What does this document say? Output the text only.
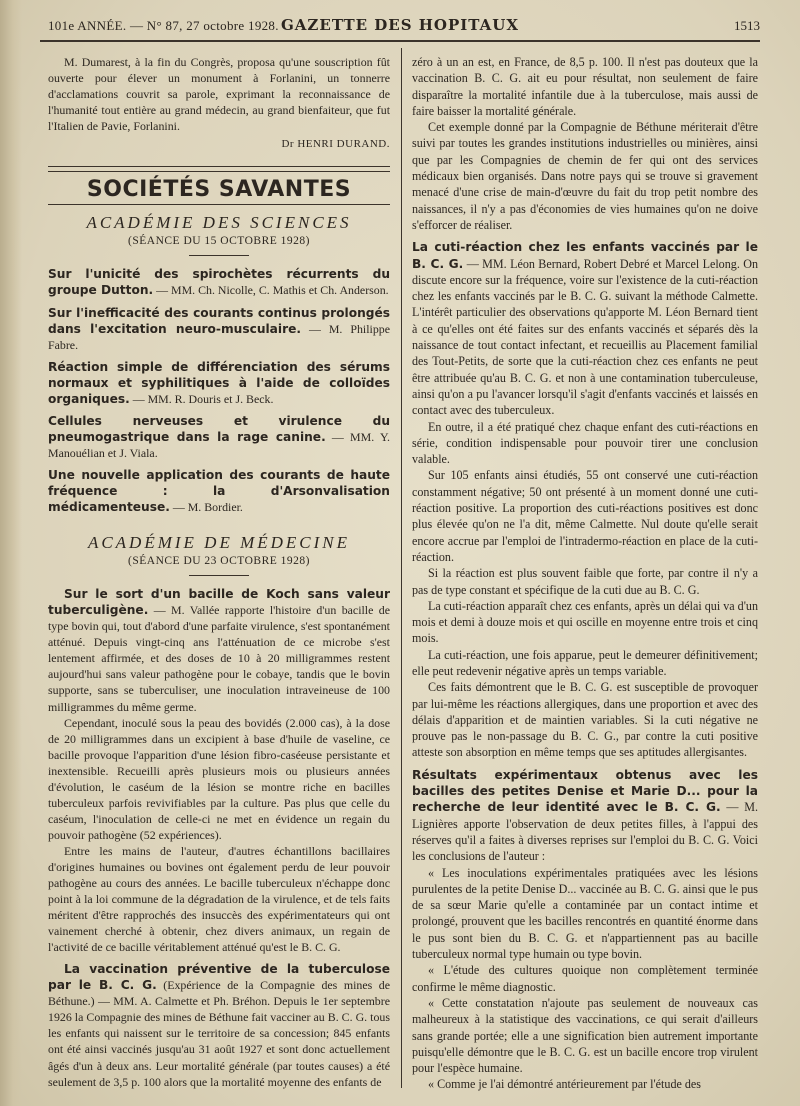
101e ANNÉE. — N° 87, 27 octobre 1928. GAZETTE DES HOPITAUX	1513

M. Dumarest, à la fin du Congrès, proposa qu'une souscription fût ouverte pour élever un monument à Forlanini, un tonnerre d'acclamations couvrit sa parole, exprimant la reconnaissance de l'humanité tout entière au grand médecin, au grand bienfaiteur, que fut l'Italien de Pavie, Forlanini.

Dr HENRI DURAND.

SOCIÉTÉS SAVANTES
ACADÉMIE DES SCIENCES
(SÉANCE DU 15 OCTOBRE 1928)

Sur l'unicité des spirochètes récurrents du groupe Dutton. — MM. Ch. Nicolle, C. Mathis et Ch. Anderson.

Sur l'inefficacité des courants continus prolongés dans l'excitation neuro-musculaire. — M. Philippe Fabre.

Réaction simple de différenciation des sérums normaux et syphilitiques à l'aide de colloïdes organiques. — MM. R. Douris et J. Beck.

Cellules nerveuses et virulence du pneumogastrique dans la rage canine. — MM. Y. Manouélian et J. Viala.

Une nouvelle application des courants de haute fréquence : la d'Arsonvalisation médicamenteuse. — M. Bordier.

ACADÉMIE DE MÉDECINE
(SÉANCE DU 23 OCTOBRE 1928)

Sur le sort d'un bacille de Koch sans valeur tuberculigène. — M. Vallée rapporte l'histoire d'un bacille de type bovin qui, tout d'abord d'une parfaite virulence, s'est spontanément atténué. Depuis vingt-cinq ans l'atténuation de ce microbe s'est lentement affirmée, et des doses de 10 à 20 milligrammes restent aujourd'hui sans valeur pathogène pour le cobaye, tandis que le bovin supporte, sans se tuberculiser, une inoculation intraveineuse de 100 milligrammes du même germe.

Cependant, inoculé sous la peau des bovidés (2.000 cas), à la dose de 20 milligrammes dans un excipient à base d'huile de vaseline, ce bacille provoque l'apparition d'une lésion fibro-caséeuse persistante et inextensible. Recueilli après plusieurs mois ou plusieurs années d'évolution, le caséum de la lésion se montre riche en bacilles tuberculeux parfois revivifiables par la culture. Pas plus que celle du caséum, l'inoculation de celle-ci ne met en évidence un regain du pouvoir pathogène (52 expériences).

Entre les mains de l'auteur, d'autres échantillons bacillaires d'origines humaines ou bovines ont également perdu de leur pouvoir pathogène au cours des années. Le bacille tuberculeux n'échappe donc point à la loi commune de la dégradation de la virulence, et de tels faits méritent d'être rapprochés des insuccès des expérimentateurs qui ont vainement cherché à obtenir, chez divers animaux, un regain de l'activité de ce bacille véritablement atténué qu'est le B. C. G.

La vaccination préventive de la tuberculose par le B. C. G. (Expérience de la Compagnie des mines de Béthune.) — MM. A. Calmette et Ph. Bréhon. Depuis le 1er septembre 1926 la Compagnie des mines de Béthune fait vacciner au B. C. G. tous les enfants qui naissent sur le territoire de sa concession; 845 enfants ont été ainsi vaccinés jusqu'au 31 août 1927 et sont donc actuellement âgés d'un à deux ans. Leur mortalité générale (par toutes causes) a été seulement de 3,5 p. 100 alors que la mortalité moyenne des enfants de

zéro à un an est, en France, de 8,5 p. 100. Il n'est pas douteux que la vaccination B. C. G. ait eu pour résultat, non seulement de faire disparaître la mortalité infantile due à la tuberculose, mais aussi de faire baisser la mortalité générale.

Cet exemple donné par la Compagnie de Béthune mériterait d'être suivi par toutes les grandes institutions industrielles ou minières, ainsi que par les Compagnies de chemin de fer qui ont des services médicaux bien organisés. Dans notre pays qui se trouve si gravement menacé d'une crise de main-d'œuvre du fait du trop petit nombre des naissances, il n'y a pas d'économies de vies humaines qu'on ne doive s'efforcer de réaliser.

La cuti-réaction chez les enfants vaccinés par le B. C. G. — MM. Léon Bernard, Robert Debré et Marcel Lelong. On discute encore sur la fréquence, voire sur l'existence de la cuti-réaction chez les enfants vaccinés par le B. C. G. suivant la méthode Calmette. L'intérêt particulier des observations qu'apporte M. Léon Bernard tient à ce qu'elles ont été faites sur des enfants vaccinés et séparés dès la naissance de tout contact infectant, et recueillis au Placement familial des Tout-Petits, de sorte que la cuti-réaction chez ces enfants ne peut être attribuée qu'au B. C. G. et non à une contamination tuberculeuse, ainsi qu'on a pu l'avancer lorsqu'il s'agit d'enfants vaccinés et laissés en contact avec des tuberculeux.

En outre, il a été pratiqué chez chaque enfant des cuti-réactions en série, condition indispensable pour pouvoir tirer une conclusion valable.

Sur 105 enfants ainsi étudiés, 55 ont conservé une cuti-réaction constamment négative; 50 ont présenté à un moment donné une cuti-réaction positive. La proportion des cuti-réactions positives est donc plus élevée qu'on ne l'a dit, même Calmette. Nul doute qu'elle serait encore accrue par l'emploi de l'intradermo-réaction en place de la cuti-réaction.

Si la réaction est plus souvent faible que forte, par contre il n'y a pas de type constant et spécifique de la cuti due au B. C. G.

La cuti-réaction apparaît chez ces enfants, après un délai qui va d'un mois et demi à douze mois et qui oscille en moyenne entre trois et cinq mois.

La cuti-réaction, une fois apparue, peut le demeurer définitivement; elle peut redevenir négative après un temps variable.

Ces faits démontrent que le B. C. G. est susceptible de provoquer par lui-même les réactions allergiques, dans une proportion et avec des délais d'apparition et de maintien variables. Si la cuti négative ne prouve pas le non-passage du B. C. G., par contre la cuti positive atteste son absorption en même temps que ses aptitudes allergisantes.

Résultats expérimentaux obtenus avec les bacilles des petites Denise et Marie D... pour la recherche de leur identité avec le B. C. G. — M. Lignières apporte l'observation de deux petites filles, à l'appui des réserves qu'il a faites à diverses reprises sur l'emploi du B. C. G. Voici les conclusions de l'auteur :

« Les inoculations expérimentales pratiquées avec les lésions purulentes de la petite Denise D... vaccinée au B. C. G. ainsi que le pus de sa sœur Marie qu'elle a contaminée par un contact intime et prolongé, prouvent que les bacilles rencontrés en quantité énorme dans le pus sont bien du B. C. G. et n'appartiennent pas au bacille tuberculeux normal type humain ou type bovin.

« L'étude des cultures quoique non complètement terminée confirme le même diagnostic.

« Cette constatation n'ajoute pas seulement de nouveaux cas malheureux à la statistique des vaccinations, ce qui serait d'ailleurs sans grande portée; elle a une signification bien autrement importante puisqu'elle démontre que le B. C. G. est un bacille encore trop virulent pour l'espèce humaine.

« Comme je l'ai démontré antérieurement par l'étude des
